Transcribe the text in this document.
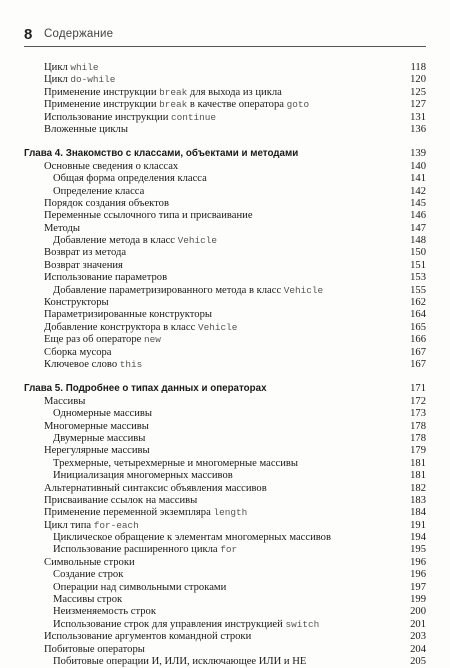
8 Содержание
Цикл while	118
Цикл do-while	120
Применение инструкции break для выхода из цикла	125
Применение инструкции break в качестве оператора goto	127
Использование инструкции continue	131
Вложенные циклы	136
Глава 4. Знакомство с классами, объектами и методами	139
Основные сведения о классах	140
Общая форма определения класса	141
Определение класса	142
Порядок создания объектов	145
Переменные ссылочного типа и присваивание	146
Методы	147
Добавление метода в класс Vehicle	148
Возврат из метода	150
Возврат значения	151
Использование параметров	153
Добавление параметризированного метода в класс Vehicle	155
Конструкторы	162
Параметризированные конструкторы	164
Добавление конструктора в класс Vehicle	165
Еще раз об операторе new	166
Сборка мусора	167
Ключевое слово this	167
Глава 5. Подробнее о типах данных и операторах	171
Массивы	172
Одномерные массивы	173
Многомерные массивы	178
Двумерные массивы	178
Нерегулярные массивы	179
Трехмерные, четырехмерные и многомерные массивы	181
Инициализация многомерных массивов	181
Альтернативный синтаксис объявления массивов	182
Присваивание ссылок на массивы	183
Применение переменной экземпляра length	184
Цикл типа for-each	191
Циклическое обращение к элементам многомерных массивов	194
Использование расширенного цикла for	195
Символьные строки	196
Создание строк	196
Операции над символьными строками	197
Массивы строк	199
Неизменяемость строк	200
Использование строк для управления инструкцией switch	201
Использование аргументов командной строки	203
Побитовые операторы	204
Побитовые операции И, ИЛИ, исключающее ИЛИ и НЕ	205
